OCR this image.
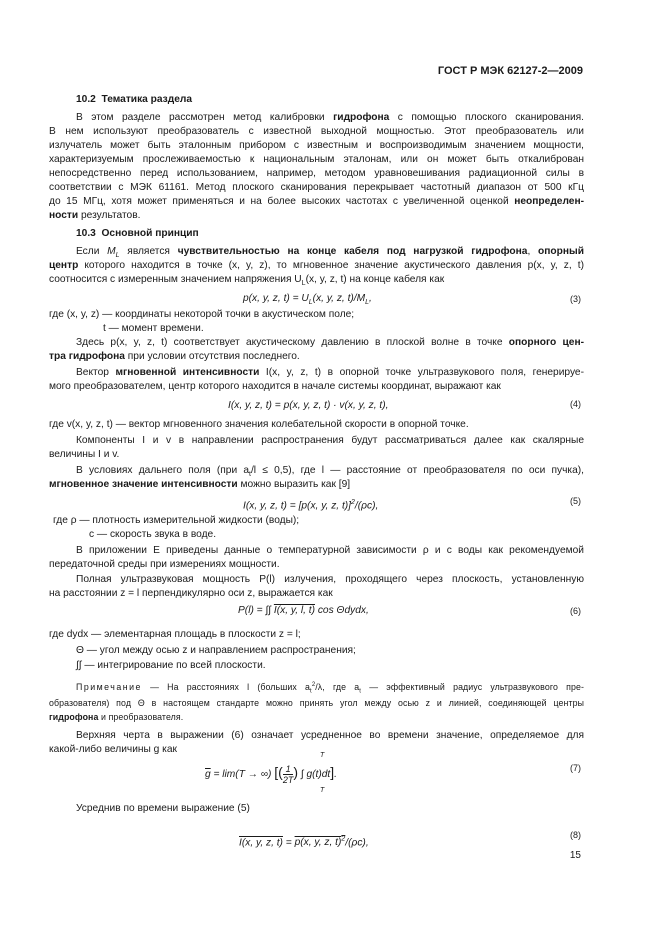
ГОСТ Р МЭК 62127-2—2009
10.2 Тематика раздела
В этом разделе рассмотрен метод калибровки гидрофона с помощью плоского сканирования.
В нем используют преобразователь с известной выходной мощностью. Этот преобразователь или
излучатель может быть эталонным прибором с известным и воспроизводимым значением мощности,
характеризуемым прослеживаемостью к национальным эталонам, или он может быть откалиброван
непосредственно перед использованием, например, методом уравновешивания радиационной силы в
соответствии с МЭК 61161. Метод плоского сканирования перекрывает частотный диапазон от 500 кГц
до 15 МГц, хотя может применяться и на более высоких частотах с увеличенной оценкой неопределен-
ности результатов.
10.3 Основной принцип
Если $M_L$ является чувствительностью на конце кабеля под нагрузкой гидрофона, опорный
центр которого находится в точке (x, y, z), то мгновенное значение акустического давления p(x, y, z, t)
соотносится с измеренным значением напряжения $U_L(x$, y, z, t) на конце кабеля как
p(x, y, z, $t) = U_L(x$, y, z, $t)/M_L$,	(3)
где (x, y, z) — координаты некоторой точки в акустическом поле;
t — момент времени.
Здесь p(x, y, z, t) соответствует акустическому давлению в плоской волне в точке опорного цен-
тра гидрофона при условии отсутствия последнего.
Вектор мгновенной интенсивности I(x, y, z, t) в опорной точке ультразвукового поля, генерируе-
мого преобразователем, центр которого находится в начале системы координат, выражают как
I(x, y, z, t) = p(x, y, z, t) · v(x, y, z, t),	(4)
где v(x, y, z, t) — вектор мгновенного значения колебательной скорости в опорной точке.
Компоненты I и v в направлении распространения будут рассматриваться далее как скалярные
величины I и v.
В условиях дальнего поля (при $a_t/l \le 0,5$), где l — расстояние от преобразователя по оси пучка),
мгновенное значение интенсивности можно выразить как [9]
I(x, y, z, t) = [p(x, y, z, t)]$^2$/(ρc),	(5)
где ρ — плотность измерительной жидкости (воды);
c — скорость звука в воде.
В приложении E приведены данные о температурной зависимости ρ и c воды как рекомендуемой
передаточной среды при измерениях мощности.
Полная ультразвуковая мощность P(l) излучения, проходящего через плоскость, установленную
на расстоянии z = l перпендикулярно оси z, выражается как
P(l) = ∫∫ I(x, y, l, t) cos Θdydx,	(6)
где dydx — элементарная площадь в плоскости z = l;
Θ — угол между осью z и направлением распространения;
∫∫ — интегрирование по всей плоскости.
Примечание — На расстояниях l (больших $a_t^2/\lambda$, где $a_t$ — эффективный радиус ультразвукового пре-
образователя) под Θ в настоящем стандарте можно принять угол между осью z и линией, соединяющей центры
гидрофона и преобразователя.
Верхняя черта в выражении (6) означает усредненное во времени значение, определяемое для
какой-либо величины g как
$\overline{g} = \lim(T$ → ∞) [( $\frac{1}{2T}$ ) ∫ g(t)dt].
T
T
(7)
Усреднив по времени выражение (5)
I(x, y, z, t) = p(x, y, z, t)$^2$/(ρc),
(8)
15
